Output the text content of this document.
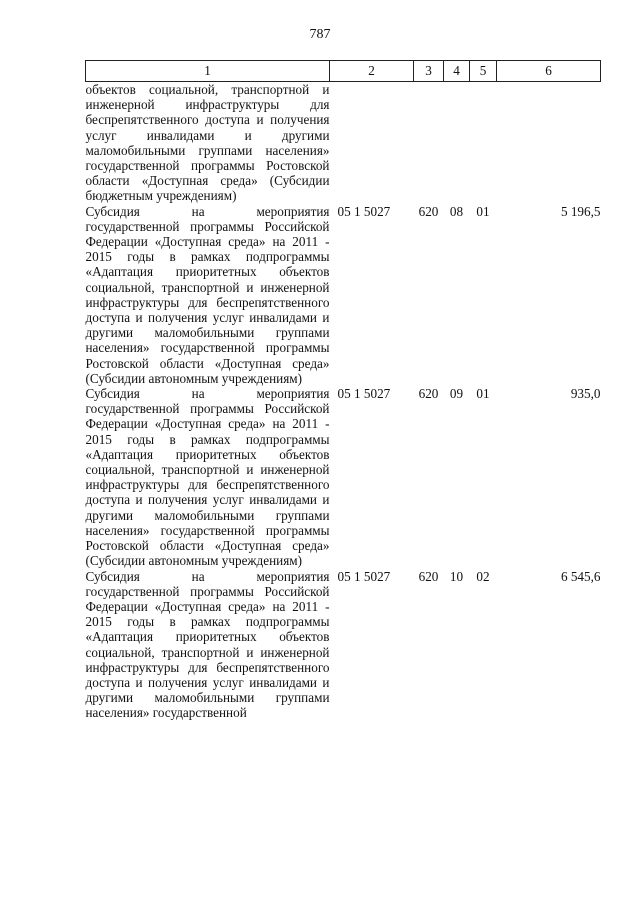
787
1	2	3	4	5	6
объектов социальной, транспортной и инженерной инфраструктуры для беспрепятственного доступа и получения услуг инвалидами и другими маломобильными группами населения» государственной программы Ростовской области «Доступная среда» (Субсидии бюджетным учреждениям)					
Субсидия на мероприятия государственной программы Российской Федерации «Доступная среда» на 2011 - 2015 годы в рамках подпрограммы «Адаптация приоритетных объектов социальной, транспортной и инженерной инфраструктуры для беспрепятственного доступа и получения услуг инвалидами и другими маломобильными группами населения» государственной программы Ростовской области «Доступная среда» (Субсидии автономным учреждениям)	05 1 5027	620	08	01	5 196,5
Субсидия на мероприятия государственной программы Российской Федерации «Доступная среда» на 2011 - 2015 годы в рамках подпрограммы «Адаптация приоритетных объектов социальной, транспортной и инженерной инфраструктуры для беспрепятственного доступа и получения услуг инвалидами и другими маломобильными группами населения» государственной программы Ростовской области «Доступная среда» (Субсидии автономным учреждениям)	05 1 5027	620	09	01	935,0
Субсидия на мероприятия государственной программы Российской Федерации «Доступная среда» на 2011 - 2015 годы в рамках подпрограммы «Адаптация приоритетных объектов социальной, транспортной и инженерной инфраструктуры для беспрепятственного доступа и получения услуг инвалидами и другими маломобильными группами населения» государственной	05 1 5027	620	10	02	6 545,6
